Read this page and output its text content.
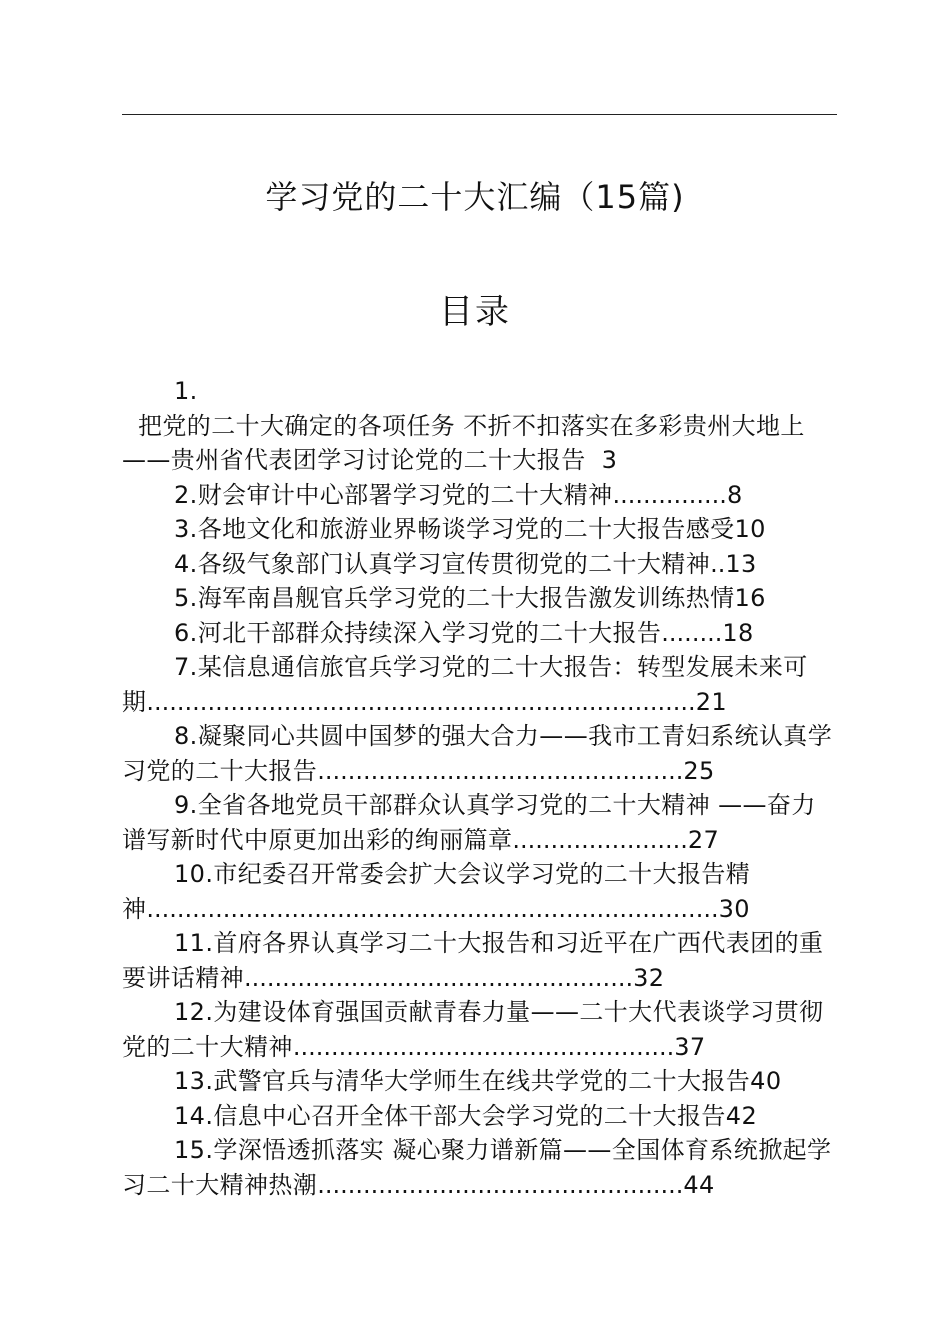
学习党的二十大汇编（15篇)
目录

1.
把党的二十大确定的各项任务 不折不扣落实在多彩贵州大地上
——贵州省代表团学习讨论党的二十大报告 3

2.财会审计中心部署学习党的二十大精神...............8

3.各地文化和旅游业界畅谈学习党的二十大报告感受10

4.各级气象部门认真学习宣传贯彻党的二十大精神..13

5.海军南昌舰官兵学习党的二十大报告激发训练热情16

6.河北干部群众持续深入学习党的二十大报告........18

7.某信息通信旅官兵学习党的二十大报告：转型发展未来可期........................................................................21

8.凝聚同心共圆中国梦的强大合力——我市工青妇系统认真学习党的二十大报告................................................25

9.全省各地党员干部群众认真学习党的二十大精神 ——奋力谱写新时代中原更加出彩的绚丽篇章.......................27

10.市纪委召开常委会扩大会议学习党的二十大报告精神...........................................................................30

11.首府各界认真学习二十大报告和习近平在广西代表团的重要讲话精神...................................................32

12.为建设体育强国贡献青春力量——二十大代表谈学习贯彻党的二十大精神..................................................37

13.武警官兵与清华大学师生在线共学党的二十大报告40

14.信息中心召开全体干部大会学习党的二十大报告42

15.学深悟透抓落实 凝心聚力谱新篇——全国体育系统掀起学习二十大精神热潮................................................44
